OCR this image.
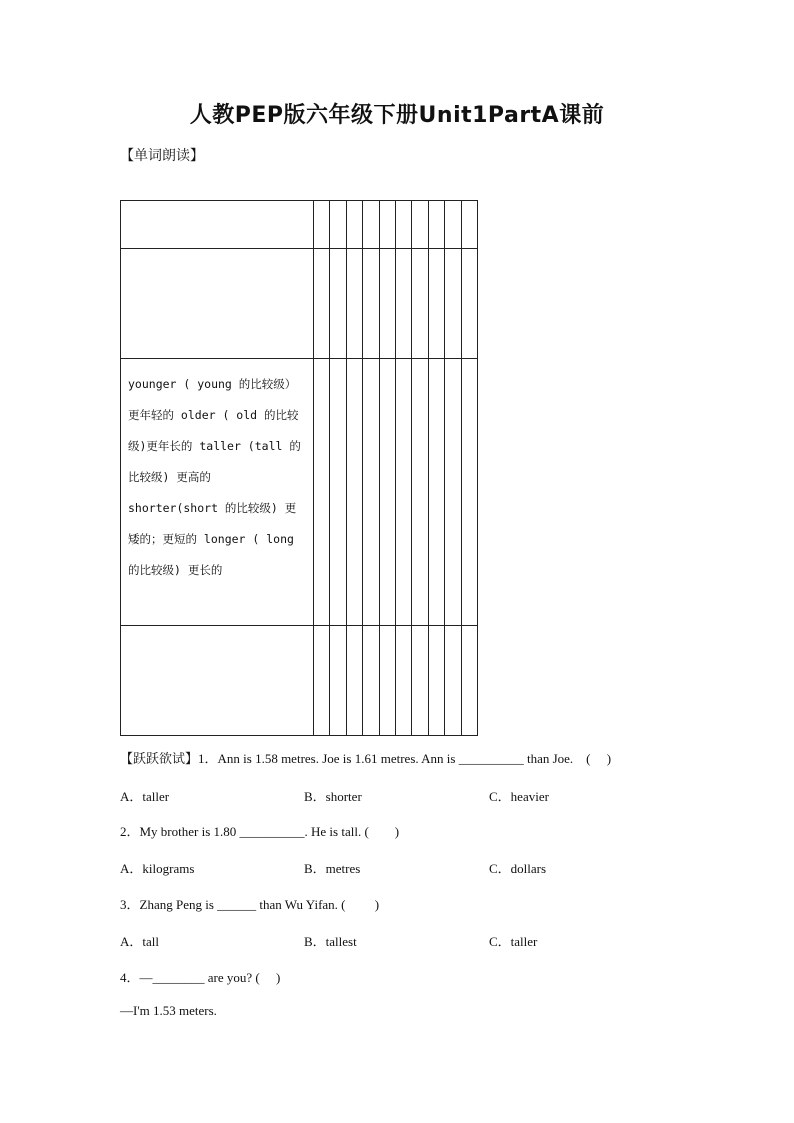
人教PEP版六年级下册Unit1PartA课前
【单词朗读】

younger ( young 的比较级）更年轻的 older ( old 的比较级)更年长的 taller (tall 的比较级) 更高的 shorter(short 的比较级) 更矮的；更短的 longer ( long 的比较级) 更长的										

【跃跃欲试】1．Ann is 1.58 metres. Joe is 1.61 metres. Ann is __________ than Joe.　(　 )
A．taller	B．shorter	C．heavier
2．My brother is 1.80 __________. He is tall. (　　)
A．kilograms	B．metres	C．dollars
3．Zhang Peng is ______ than Wu Yifan. (　　 )
A．tall	B．tallest	C．taller
4．—________ are you? (　 )
—I'm 1.53 meters.
